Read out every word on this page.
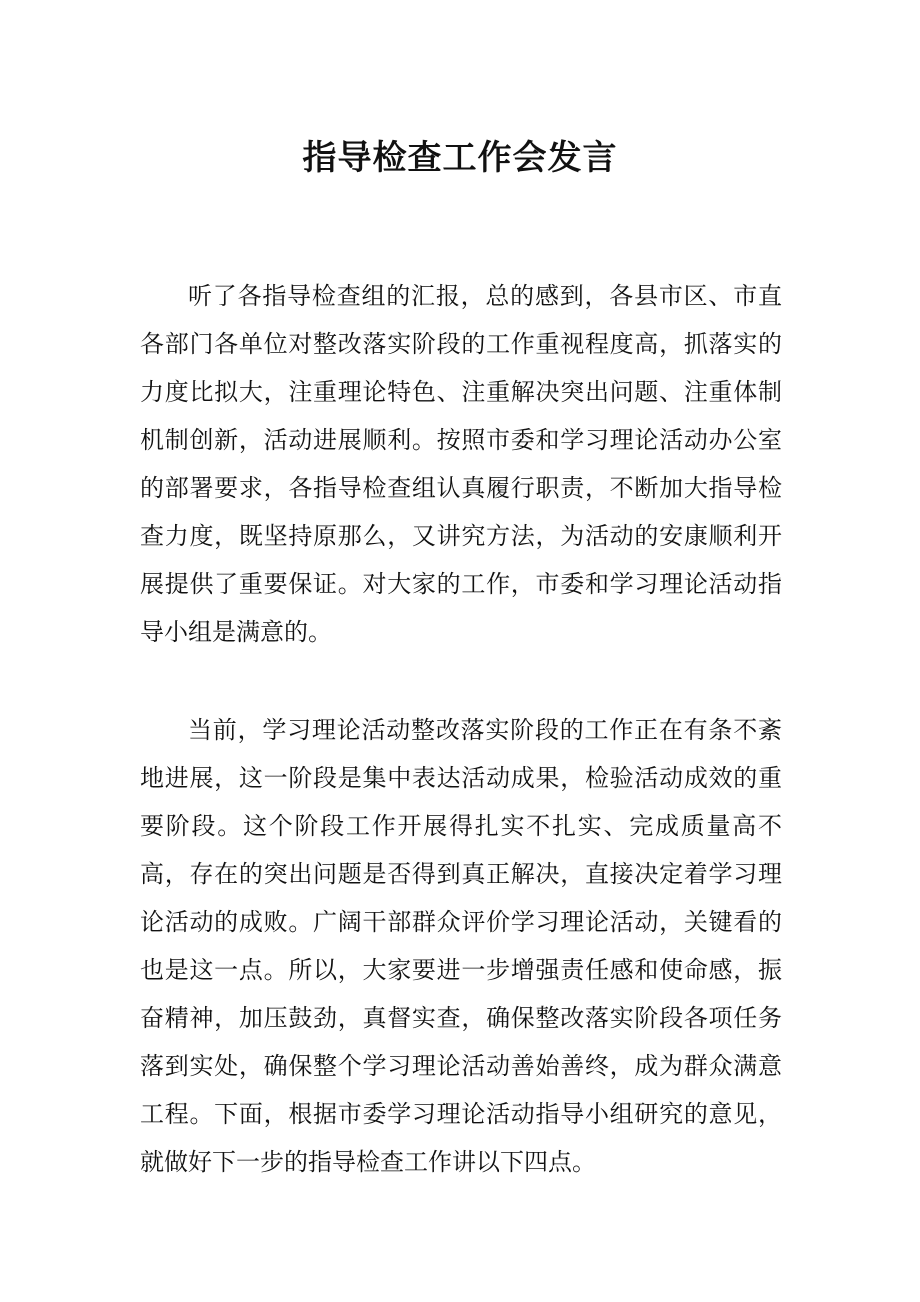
指导检查工作会发言

听了各指导检查组的汇报，总的感到，各县市区、市直各部门各单位对整改落实阶段的工作重视程度高，抓落实的力度比拟大，注重理论特色、注重解决突出问题、注重体制机制创新，活动进展顺利。按照市委和学习理论活动办公室的部署要求，各指导检查组认真履行职责，不断加大指导检查力度，既坚持原那么，又讲究方法，为活动的安康顺利开展提供了重要保证。对大家的工作，市委和学习理论活动指导小组是满意的。

当前，学习理论活动整改落实阶段的工作正在有条不紊地进展，这一阶段是集中表达活动成果，检验活动成效的重要阶段。这个阶段工作开展得扎实不扎实、完成质量高不高，存在的突出问题是否得到真正解决，直接决定着学习理论活动的成败。广阔干部群众评价学习理论活动，关键看的也是这一点。所以，大家要进一步增强责任感和使命感，振奋精神，加压鼓劲，真督实查，确保整改落实阶段各项任务落到实处，确保整个学习理论活动善始善终，成为群众满意工程。下面，根据市委学习理论活动指导小组研究的意见，就做好下一步的指导检查工作讲以下四点。
